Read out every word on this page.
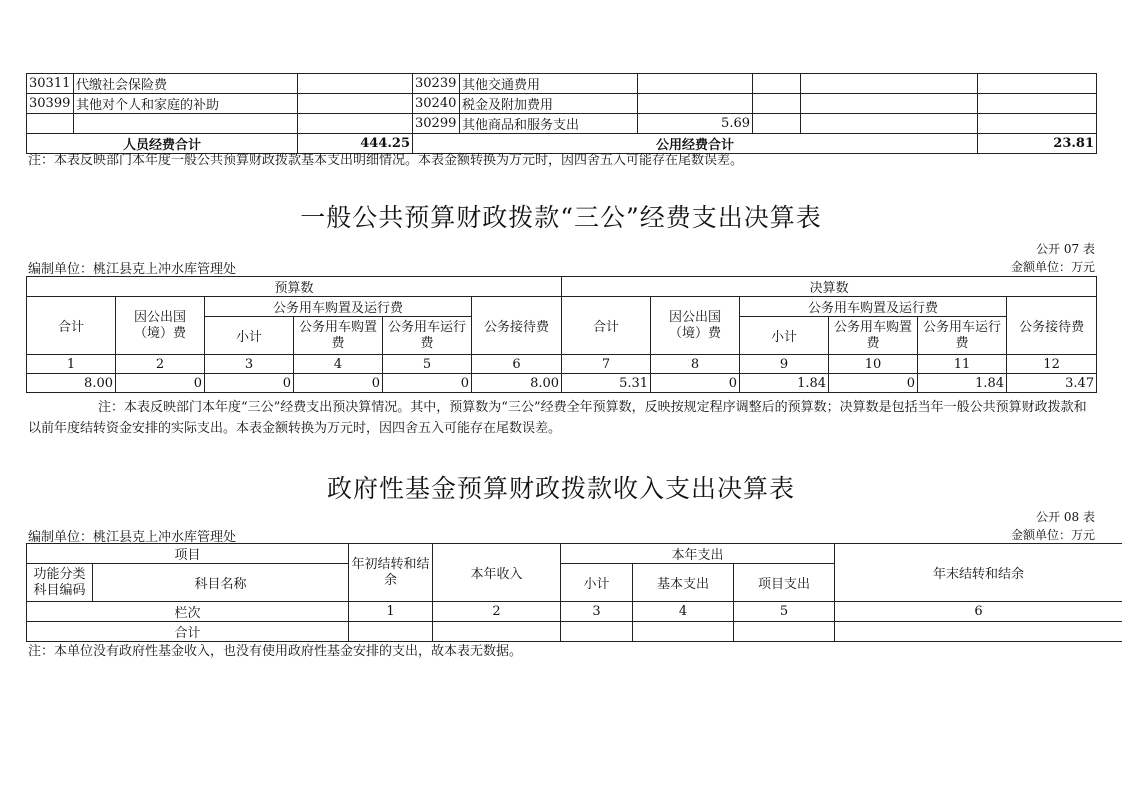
30311	代缴社会保险费		30239	其他交通费用				
30399	其他对个人和家庭的补助		30240	税金及附加费用				
			30299	其他商品和服务支出	5.69			
人员经费合计		444.25	公用经费合计					23.81
注：本表反映部门本年度一般公共预算财政拨款基本支出明细情况。本表金额转换为万元时，因四舍五入可能存在尾数误差。
一般公共预算财政拨款“三公”经费支出决算表
公开 07 表
编制单位：桃江县克上冲水库管理处	金额单位：万元
预算数						决算数					
合计	因公出国（境）费	公务用车购置及运行费			公务接待费	合计	因公出国（境）费	公务用车购置及运行费			公务接待费
		小计	公务用车购置费	公务用车运行费				小计	公务用车购置费	公务用车运行费	
1	2	3	4	5	6	7	8	9	10	11	12
8.00	0	0	0	0	8.00	5.31	0	1.84	0	1.84	3.47
注：本表反映部门本年度“三公”经费支出预决算情况。其中，预算数为“三公”经费全年预算数，反映按规定程序调整后的预算数；决算数是包括当年一般公共预算财政拨款和以前年度结转资金安排的实际支出。本表金额转换为万元时，因四舍五入可能存在尾数误差。
政府性基金预算财政拨款收入支出决算表
公开 08 表
编制单位：桃江县克上冲水库管理处	金额单位：万元
项目		年初结转和结余	本年收入	本年支出			年末结转和结余
功能分类科目编码	科目名称			小计	基本支出	项目支出	
栏次		1	2	3	4	5	6
合计							
注：本单位没有政府性基金收入，也没有使用政府性基金安排的支出，故本表无数据。
